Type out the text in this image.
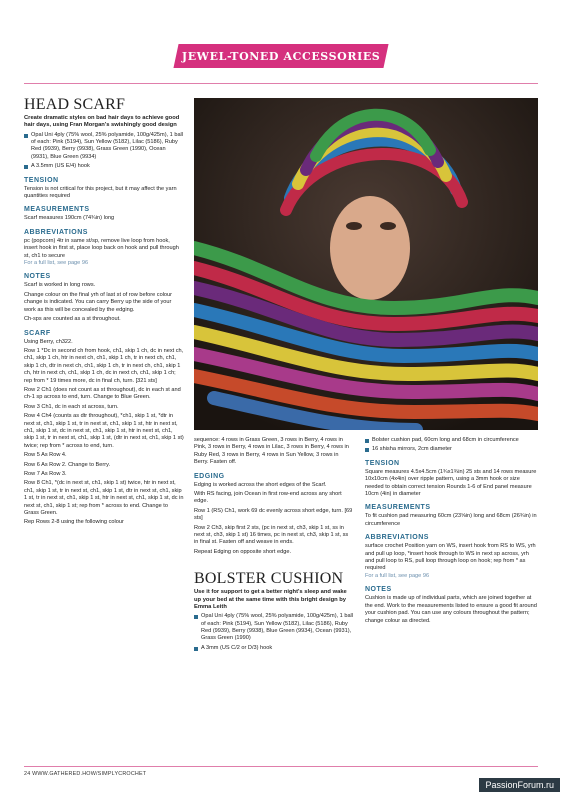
JEWEL-TONED ACCESSORIES
HEAD SCARF

Create dramatic styles on bad hair days to achieve good hair days, using Fran Morgan's swishingly good design

Opal Uni 4ply (75% wool, 25% polyamide, 100g/425m), 1 ball of each: Pink (5194), Sun Yellow (5182), Lilac (5186), Ruby Red (9939), Berry (9938), Grass Green (1990), Ocean (9931), Blue Green (9934)

A 3.5mm (US E/4) hook

TENSION

Tension is not critical for this project, but it may affect the yarn quantities required

MEASUREMENTS

Scarf measures 190cm (74¾in) long

ABBREVIATIONS

pc (popcorn) 4tr in same st/sp, remove live loop from hook, insert hook in first st, place loop back on hook and pull through st, ch1 to secure

For a full list, see page 96

NOTES

Scarf is worked in long rows.

Change colour on the final yrh of last st of row before colour change is indicated. You can carry Berry up the side of your work as this will be concealed by the edging.

Ch-sps are counted as a st throughout.

SCARF

Using Berry, ch322.

Row 1 *Dc in second ch from hook, ch1, skip 1 ch, dc in next ch, ch1, skip 1 ch, htr in next ch, ch1, skip 1 ch, tr in next ch, ch1, skip 1 ch, dtr in next ch, ch1, skip 1 ch, tr in next ch, ch1, skip 1 ch, htr in next ch, ch1, skip 1 ch, dc in next ch, ch1, skip 1 ch; rep from * 19 times more, dc in final ch, turn. [321 sts]

Row 2 Ch1 (does not count as st throughout), dc in each st and ch-1 sp across to end, turn. Change to Blue Green.

Row 3 Ch1, dc in each st across, turn.

Row 4 Ch4 (counts as dtr throughout), *ch1, skip 1 st, *dtr in next st, ch1, skip 1 st, tr in next st, ch1, skip 1 st, htr in next st, ch1, skip 1 st, dc in next st, ch1, skip 1 st, htr in next st, ch1, skip 1 st, tr in next st, ch1, skip 1 st, (dtr in next st, ch1, skip 1 st) twice; rep from * across to end, turn.

Row 5 As Row 4.

Row 6 As Row 2. Change to Berry.

Row 7 As Row 3.

Row 8 Ch1, *(dc in next st, ch1, skip 1 st) twice, htr in next st, ch1, skip 1 st, tr in next st, ch1, skip 1 st, dtr in next st, ch1, skip 1 st, tr in next st, ch1, skip 1 st, htr in next st, ch1, skip 1 st, dc in next st, ch1, skip 1 st; rep from * across to end. Change to Grass Green.

Rep Rows 2-8 using the following colour

sequence: 4 rows in Grass Green, 3 rows in Berry, 4 rows in Pink, 3 rows in Berry, 4 rows in Lilac, 3 rows in Berry, 4 rows in Ruby Red, 3 rows in Berry, 4 rows in Sun Yellow, 3 rows in Berry. Fasten off.

EDGING

Edging is worked across the short edges of the Scarf.

With RS facing, join Ocean in first row-end across any short edge.

Row 1 (RS) Ch1, work 69 dc evenly across short edge, turn. [69 sts]

Row 2 Ch3, skip first 2 sts, (pc in next st, ch3, skip 1 st, ss in next st, ch3, skip 1 st) 16 times, pc in next st, ch3, skip 1 st, ss in final st. Fasten off and weave in ends.

Repeat Edging on opposite short edge.

BOLSTER CUSHION

Use it for support to get a better night's sleep and wake up your bed at the same time with this bright design by Emma Leith

Opal Uni 4ply (75% wool, 25% polyamide, 100g/425m), 1 ball of each: Pink (5194), Sun Yellow (5182), Lilac (5186), Ruby Red (9939), Berry (9938), Blue Green (9934), Ocean (9931), Grass Green (1990)

A 3mm (US C/2 or D/3) hook

Bolster cushion pad, 60cm long and 68cm in circumference

16 shisha mirrors, 2cm diameter

TENSION

Square measures 4.5x4.5cm (1¾x1¾in) 25 sts and 14 rows measure 10x10cm (4x4in) over ripple pattern, using a 3mm hook or size needed to obtain correct tension Rounds 1-6 of End panel measure 10cm (4in) in diameter

MEASUREMENTS

To fit cushion pad measuring 60cm (23⅝in) long and 68cm (26¾in) in circumference

ABBREVIATIONS

surface crochet Position yarn on WS, insert hook from RS to WS, yrh and pull up loop, *insert hook through to WS in next sp across, yrh and pull loop to RS, pull loop through loop on hook; rep from * as required

For a full list, see page 96

NOTES

Cushion is made up of individual parts, which are joined together at the end. Work to the measurements listed to ensure a good fit around your cushion pad. You can use any colours throughout the pattern; change colour as directed.

24 WWW.GATHERED.HOW/SIMPLYCROCHET
PassionForum.ru
